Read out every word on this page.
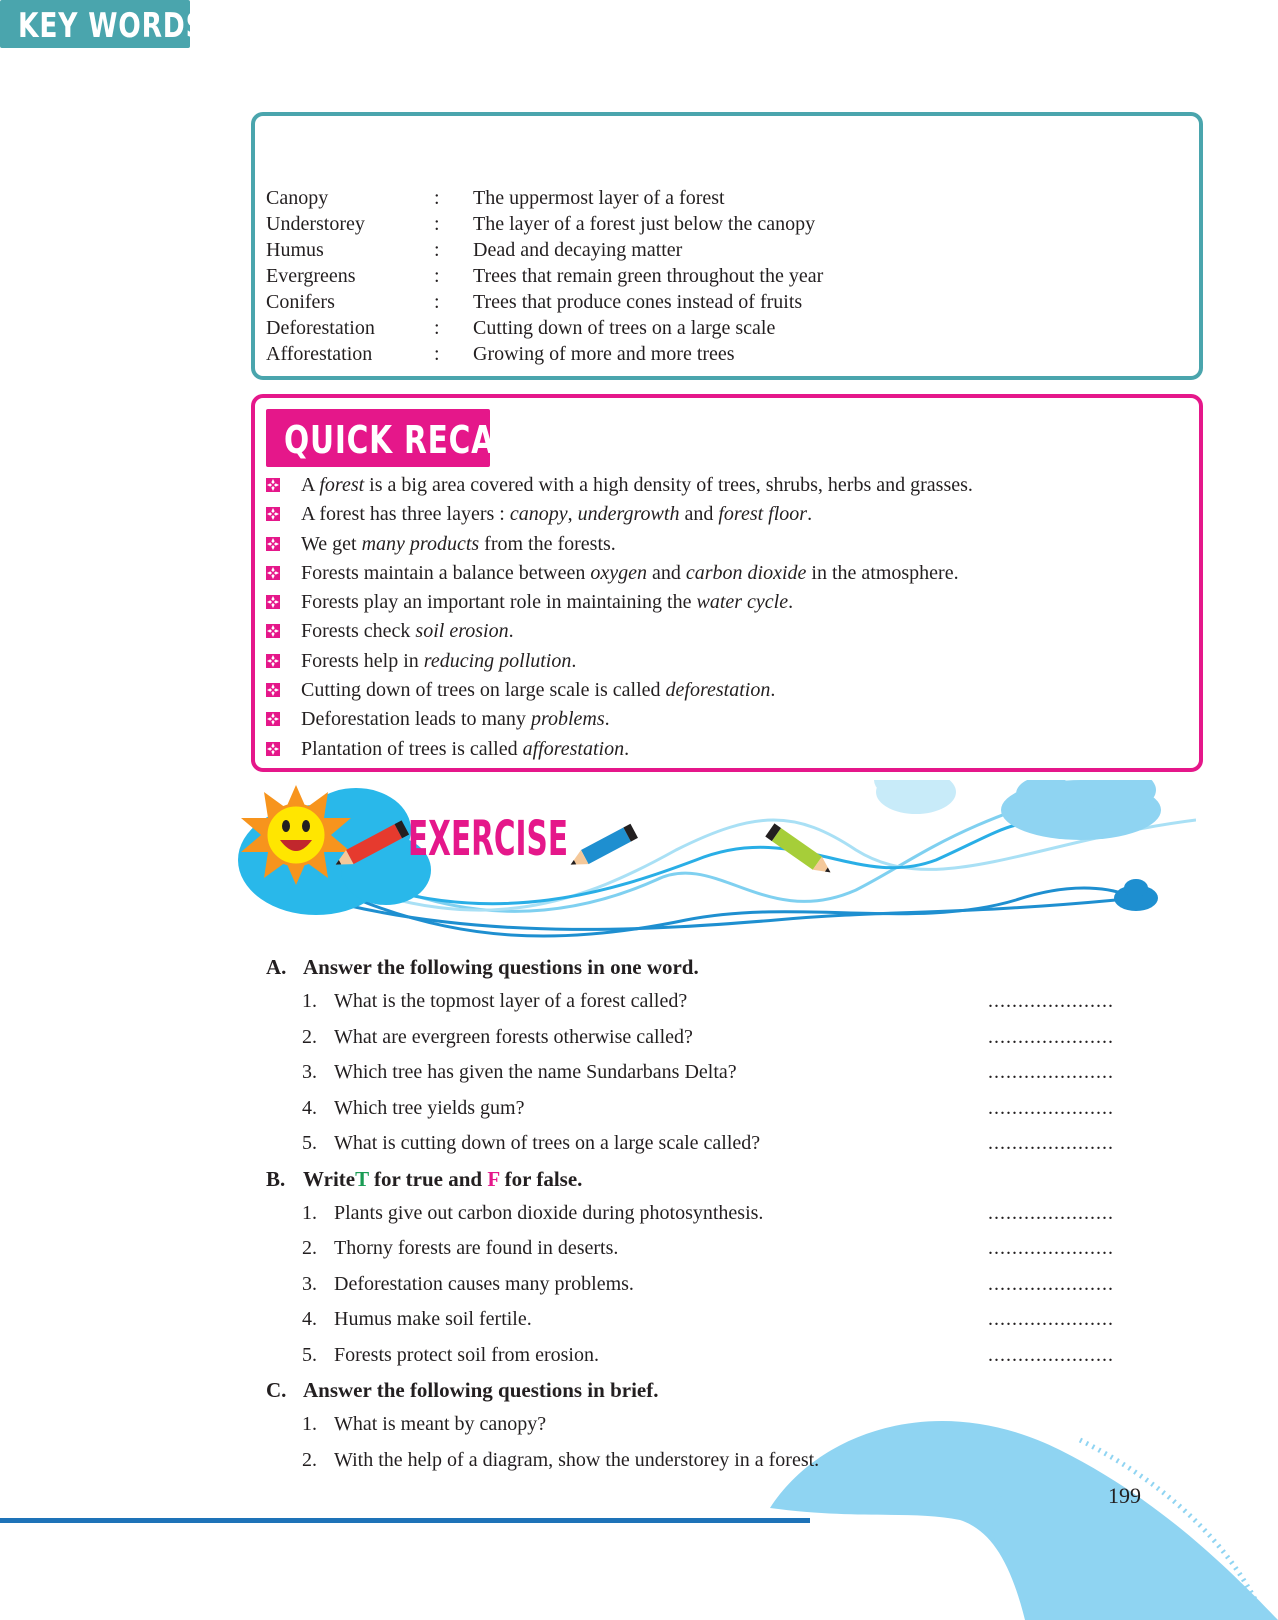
KEY WORDS
Canopy	: The uppermost layer of a forest
Understorey	: The layer of a forest just below the canopy
Humus	: Dead and decaying matter
Evergreens	: Trees that remain green throughout the year
Conifers	: Trees that produce cones instead of fruits
Deforestation	: Cutting down of trees on a large scale
Afforestation	: Growing of more and more trees
QUICK RECAP
A forest is a big area covered with a high density of trees, shrubs, herbs and grasses.
A forest has three layers : canopy, undergrowth and forest floor.
We get many products from the forests.
Forests maintain a balance between oxygen and carbon dioxide in the atmosphere.
Forests play an important role in maintaining the water cycle.
Forests check soil erosion.
Forests help in reducing pollution.
Cutting down of trees on large scale is called deforestation.
Deforestation leads to many problems.
Plantation of trees is called afforestation.
EXERCISE
A. Answer the following questions in one word.
1. What is the topmost layer of a forest called?	.....................
2. What are evergreen forests otherwise called?	.....................
3. Which tree has given the name Sundarbans Delta?	.....................
4. Which tree yields gum?	.....................
5. What is cutting down of trees on a large scale called?	.....................
B. WriteT for true and F for false.
1. Plants give out carbon dioxide during photosynthesis.	.....................
2. Thorny forests are found in deserts.	.....................
3. Deforestation causes many problems.	.....................
4. Humus make soil fertile.	.....................
5. Forests protect soil from erosion.	.....................
C. Answer the following questions in brief.
1. What is meant by canopy?
2. With the help of a diagram, show the understorey in a forest.
199
